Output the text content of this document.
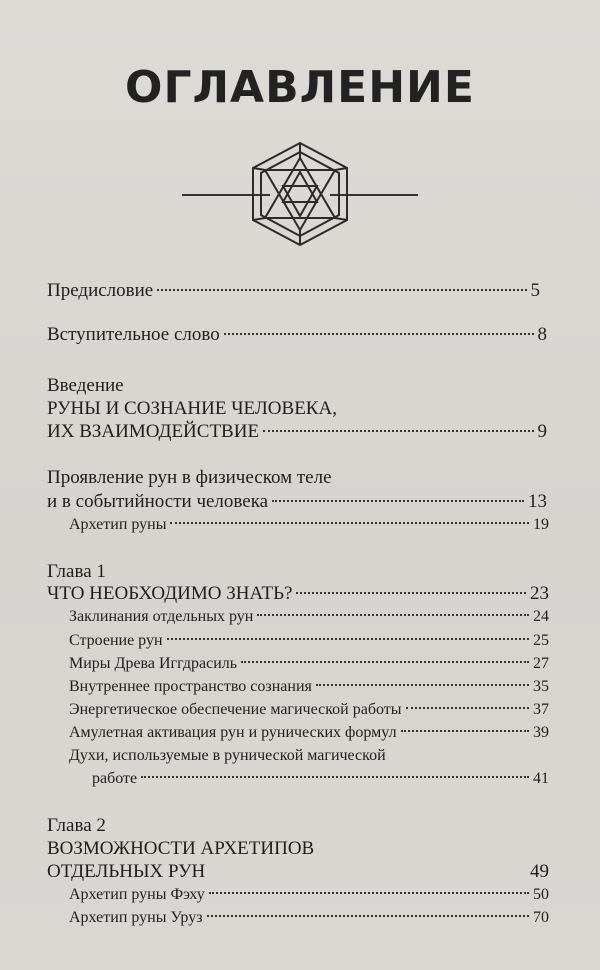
ОГЛАВЛЕНИЕ
Предисловие	5
Вступительное слово	8
Введение
РУНЫ И СОЗНАНИЕ ЧЕЛОВЕКА,
ИХ ВЗАИМОДЕЙСТВИЕ	9
Проявление рун в физическом теле
и в событийности человека	13
Архетип руны	19
Глава 1
ЧТО НЕОБХОДИМО ЗНАТЬ?	23
Заклинания отдельных рун	24
Строение рун	25
Миры Древа Иггдрасиль	27
Внутреннее пространство сознания	35
Энергетическое обеспечение магической работы	37
Амулетная активация рун и рунических формул	39
Духи, используемые в рунической магической
работе	41
Глава 2
ВОЗМОЖНОСТИ АРХЕТИПОВ
ОТДЕЛЬНЫХ РУН	49
Архетип руны Фэху	50
Архетип руны Уруз	70
